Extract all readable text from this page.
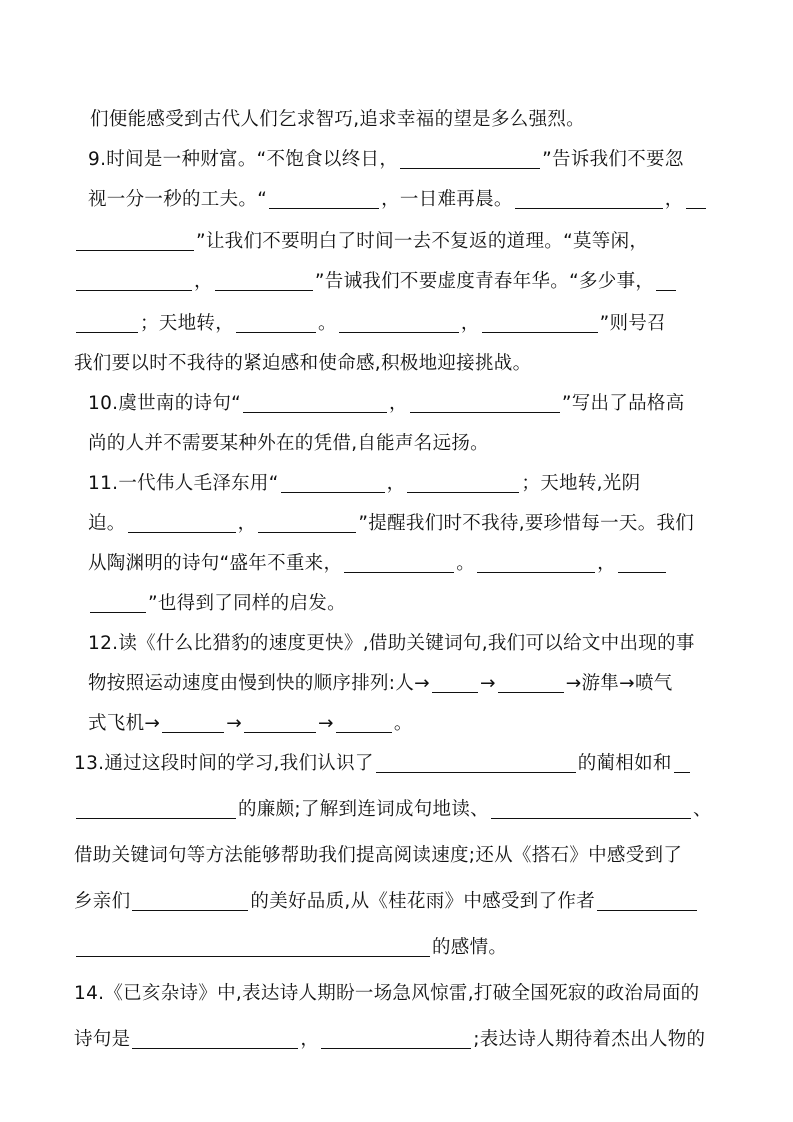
们便能感受到古代人们乞求智巧,追求幸福的望是多么强烈。
9.时间是一种财富。“不饱食以终日，	”告诉我们不要忽
视一分一秒的工夫。“	，一日难再晨。	，
”让我们不要明白了时间一去不复返的道理。“莫等闲，
，	”告诫我们不要虚度青春年华。“多少事，
；天地转，	。	，	”则号召
我们要以时不我待的紧迫感和使命感,积极地迎接挑战。
10.虞世南的诗句“	，	”写出了品格高
尚的人并不需要某种外在的凭借,自能声名远扬。
11.一代伟人毛泽东用“	，	；天地转,光阴
迫。	，	”提醒我们时不我待,要珍惜每一天。我们
从陶渊明的诗句“盛年不重来，	。	，
”也得到了同样的启发。
12.读《什么比猎豹的速度更快》,借助关键词句,我们可以给文中出现的事
物按照运动速度由慢到快的顺序排列:人→	→	→游隼→喷气
式飞机→	→	→	。
13.通过这段时间的学习,我们认识了	的蔺相如和
的廉颇;了解到连词成句地读、	、
借助关键词句等方法能够帮助我们提高阅读速度;还从《搭石》中感受到了
乡亲们	的美好品质,从《桂花雨》中感受到了作者
的感情。
14.《已亥杂诗》中,表达诗人期盼一场急风惊雷,打破全国死寂的政治局面的
诗句是	，	;表达诗人期待着杰出人物的
